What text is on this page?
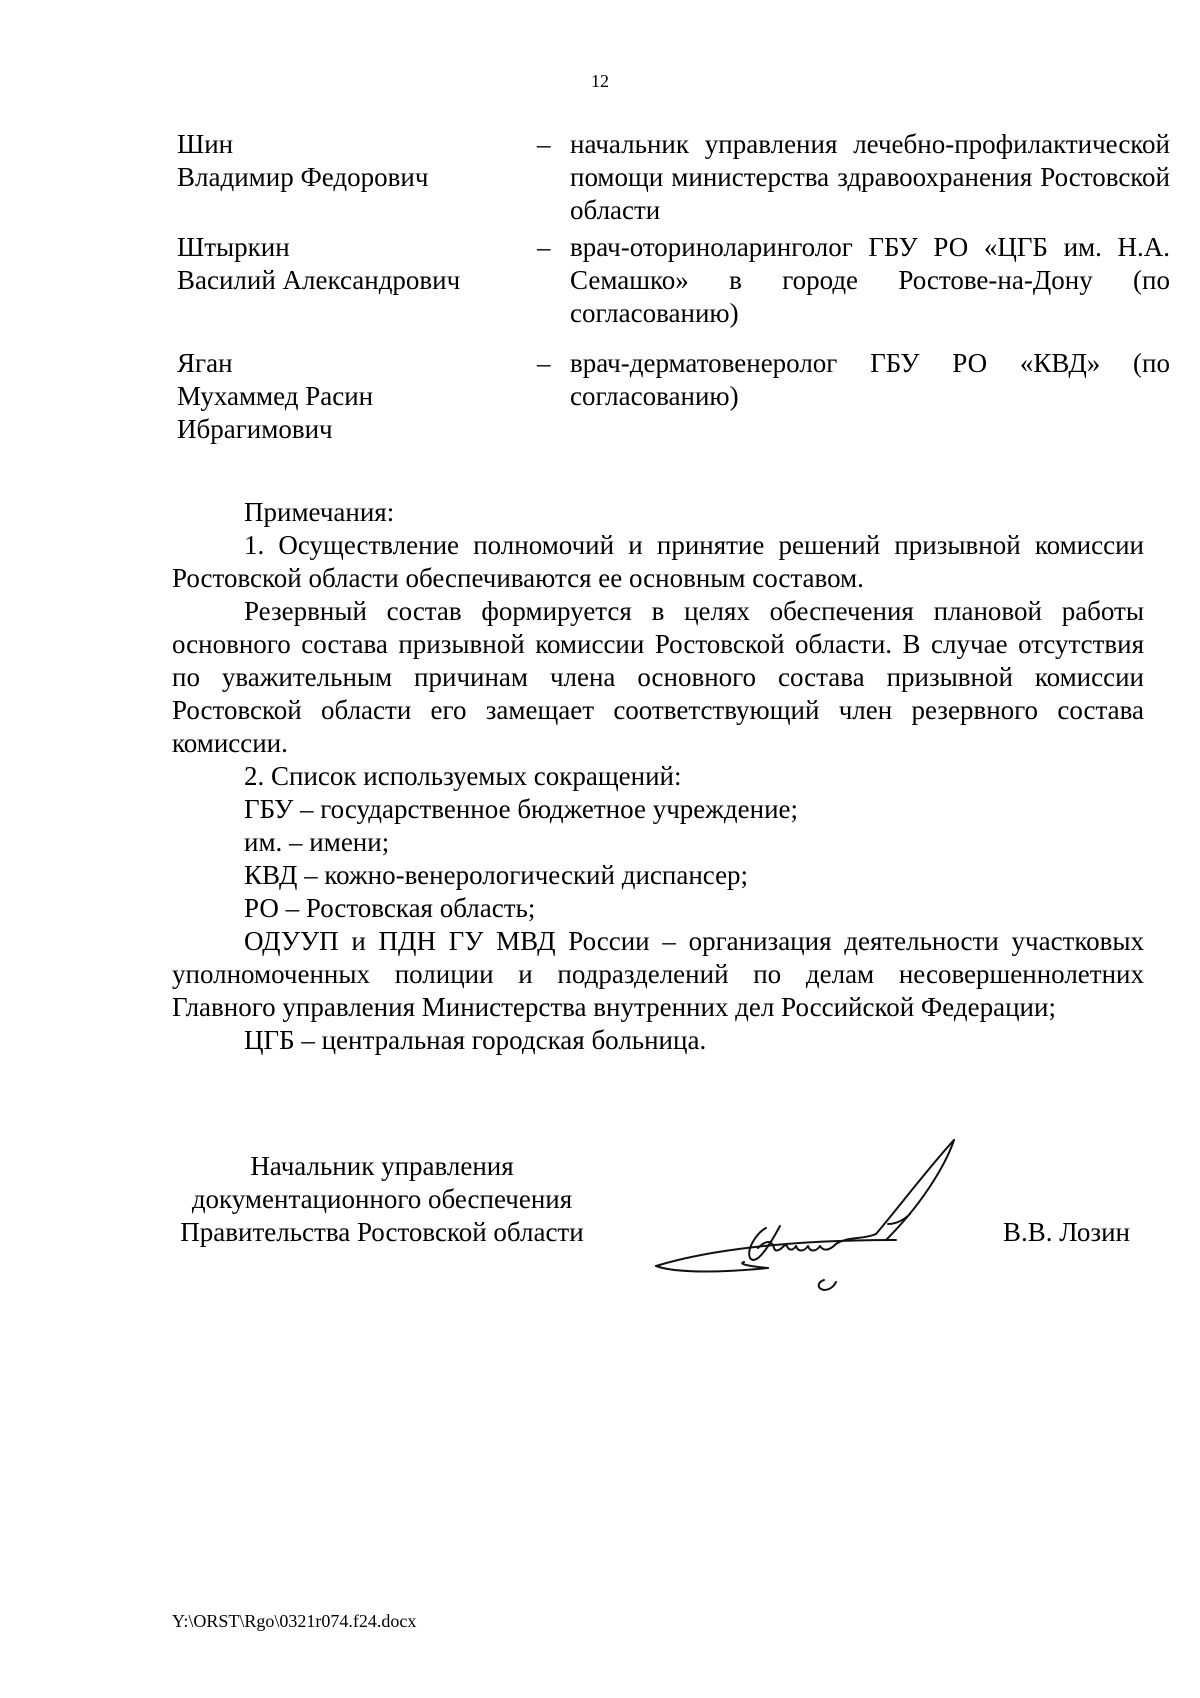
12
Шин
Владимир Федорович
– начальник управления лечебно-профилактической помощи министерства здравоохранения Ростовской области
Штыркин
Василий Александрович
– врач-оториноларинголог ГБУ РО «ЦГБ им. Н.А. Семашко» в городе Ростове-на-Дону (по согласованию)
Яган
Мухаммед Расин
Ибрагимович
– врач-дерматовенеролог ГБУ РО «КВД» (по согласованию)

Примечания:

1. Осуществление полномочий и принятие решений призывной комиссии Ростовской области обеспечиваются ее основным составом.

Резервный состав формируется в целях обеспечения плановой работы основного состава призывной комиссии Ростовской области. В случае отсутствия по уважительным причинам члена основного состава призывной комиссии Ростовской области его замещает соответствующий член резервного состава комиссии.

2. Список используемых сокращений:

ГБУ – государственное бюджетное учреждение;

им. – имени;

КВД – кожно-венерологический диспансер;

РО – Ростовская область;

ОДУУП и ПДН ГУ МВД России – организация деятельности участковых уполномоченных полиции и подразделений по делам несовершеннолетних Главного управления Министерства внутренних дел Российской Федерации;

ЦГБ – центральная городская больница.

Начальник управления
документационного обеспечения
Правительства Ростовской области	В.В. Лозин
Y:\ORST\Rgo\0321r074.f24.docx
